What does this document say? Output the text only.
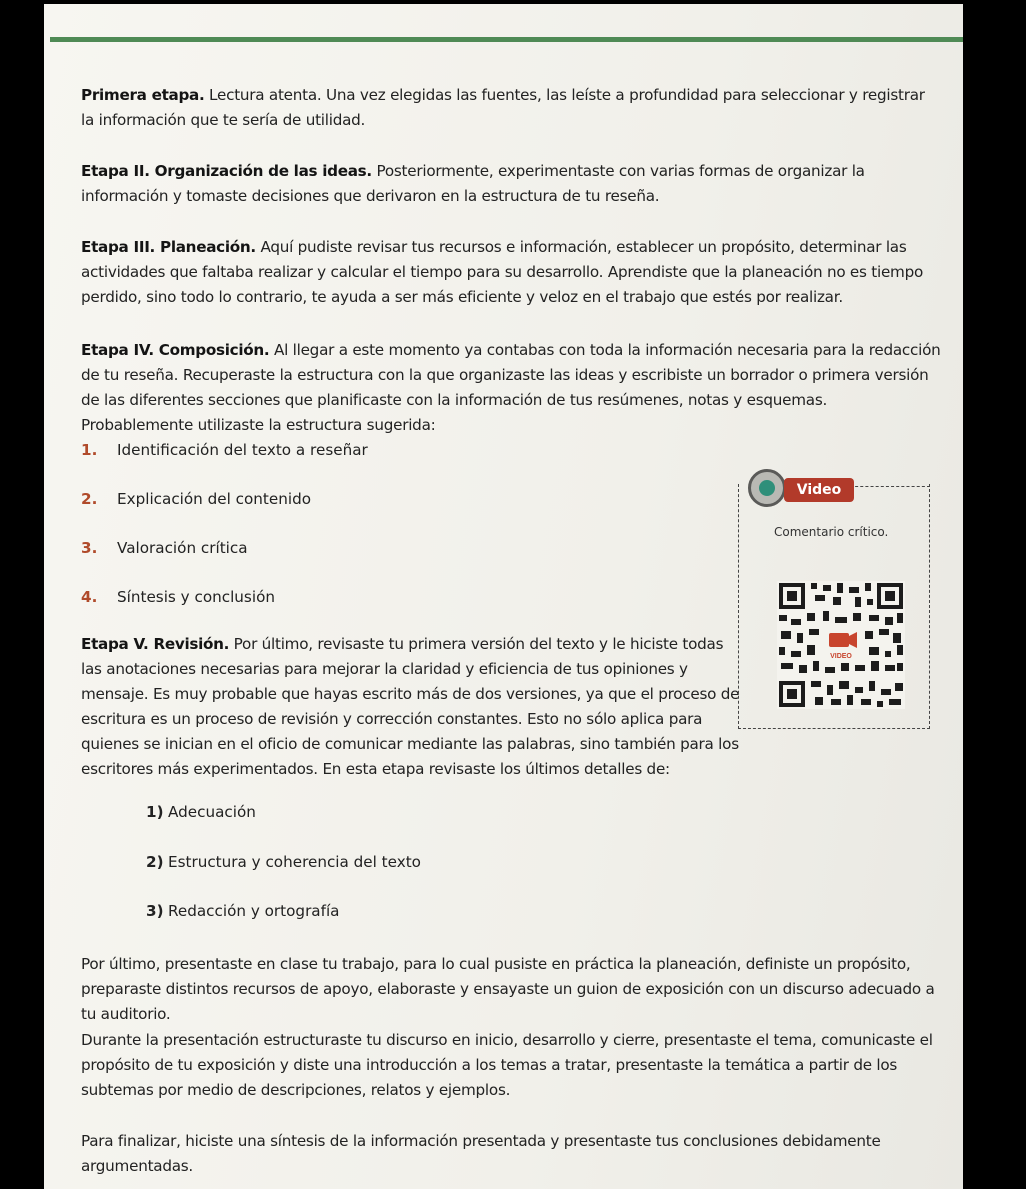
Primera etapa. Lectura atenta. Una vez elegidas las fuentes, las leíste a profundidad para seleccionar y registrar la información que te sería de utilidad.

Etapa II. Organización de las ideas. Posteriormente, experimentaste con varias formas de organizar la información y tomaste decisiones que derivaron en la estructura de tu reseña.

Etapa III. Planeación. Aquí pudiste revisar tus recursos e información, establecer un propósito, determinar las actividades que faltaba realizar y calcular el tiempo para su desarrollo. Aprendiste que la planeación no es tiempo perdido, sino todo lo contrario, te ayuda a ser más eficiente y veloz en el trabajo que estés por realizar.

Etapa IV. Composición. Al llegar a este momento ya contabas con toda la información necesaria para la redacción de tu reseña. Recuperaste la estructura con la que organizaste las ideas y escribiste un borrador o primera versión de las diferentes secciones que planificaste con la información de tus resúmenes, notas y esquemas. Probablemente utilizaste la estructura sugerida:

1. Identificación del texto a reseñar
2. Explicación del contenido
3. Valoración crítica
4. Síntesis y conclusión

Etapa V. Revisión. Por último, revisaste tu primera versión del texto y le hiciste todas las anotaciones necesarias para mejorar la claridad y eficiencia de tus opiniones y mensaje. Es muy probable que hayas escrito más de dos versiones, ya que el proceso de escritura es un proceso de revisión y corrección constantes. Esto no sólo aplica para quienes se inician en el oficio de comunicar mediante las palabras, sino también para los escritores más experimentados. En esta etapa revisaste los últimos detalles de:

1) Adecuación
2) Estructura y coherencia del texto
3) Redacción y ortografía

Por último, presentaste en clase tu trabajo, para lo cual pusiste en práctica la planeación, definiste un propósito, preparaste distintos recursos de apoyo, elaboraste y ensayaste un guion de exposición con un discurso adecuado a tu auditorio.

Durante la presentación estructuraste tu discurso en inicio, desarrollo y cierre, presentaste el tema, comunicaste el propósito de tu exposición y diste una introducción a los temas a tratar, presentaste la temática a partir de los subtemas por medio de descripciones, relatos y ejemplos.

Para finalizar, hiciste una síntesis de la información presentada y presentaste tus conclusiones debidamente argumentadas.

Video
Comentario crítico.
VIDEO
